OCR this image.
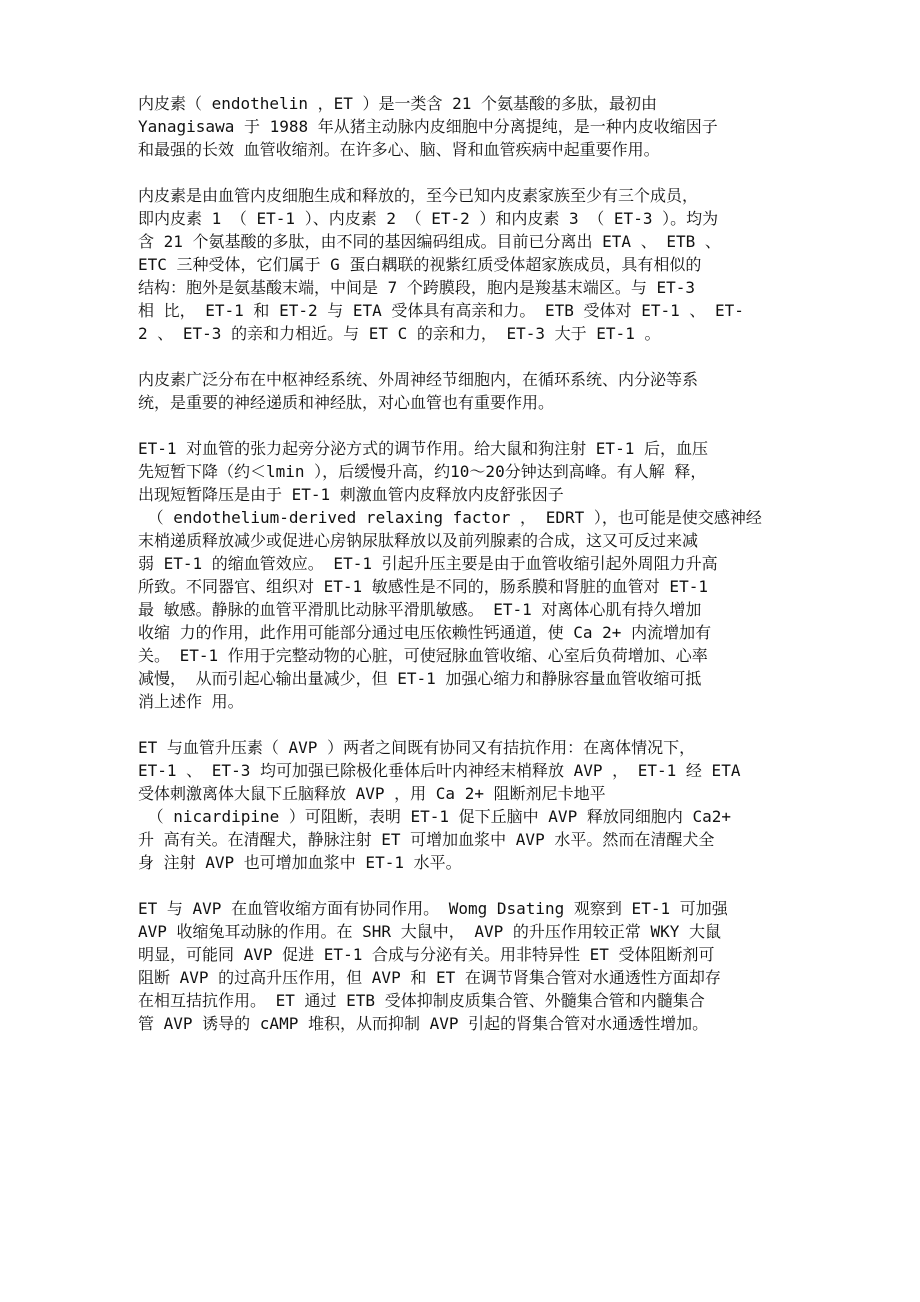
内皮素（ endothelin ，ET ）是一类含 21 个氨基酸的多肽，最初由
Yanagisawa 于 1988 年从猪主动脉内皮细胞中分离提纯，是一种内皮收缩因子
和最强的长效 血管收缩剂。在许多心、脑、肾和血管疾病中起重要作用。

内皮素是由血管内皮细胞生成和释放的，至今已知内皮素家族至少有三个成员，
即内皮素 1 （ ET-1 ）、内皮素 2 （ ET-2 ）和内皮素 3 （ ET-3 ）。均为
含 21 个氨基酸的多肽，由不同的基因编码组成。目前已分离出 ETA 、 ETB 、
ETC 三种受体，它们属于 G 蛋白耦联的视紫红质受体超家族成员，具有相似的
结构：胞外是氨基酸末端，中间是 7 个跨膜段，胞内是羧基末端区。与 ET-3
相 比， ET-1 和 ET-2 与 ETA 受体具有高亲和力。 ETB 受体对 ET-1 、 ET-
2 、 ET-3 的亲和力相近。与 ET C 的亲和力， ET-3 大于 ET-1 。

内皮素广泛分布在中枢神经系统、外周神经节细胞内，在循环系统、内分泌等系
统，是重要的神经递质和神经肽，对心血管也有重要作用。

ET-1 对血管的张力起旁分泌方式的调节作用。给大鼠和狗注射 ET-1 后，血压
先短暂下降（约＜lmin ），后缓慢升高，约10〜20分钟达到高峰。有人解 释，
出现短暂降压是由于 ET-1 刺激血管内皮释放内皮舒张因子
（ endothelium-derived relaxing factor ， EDRT ），也可能是使交感神经
末梢递质释放减少或促进心房钠尿肽释放以及前列腺素的合成，这又可反过来减
弱 ET-1 的缩血管效应。 ET-1 引起升压主要是由于血管收缩引起外周阻力升高
所致。不同器官、组织对 ET-1 敏感性是不同的，肠系膜和肾脏的血管对 ET-1
最 敏感。静脉的血管平滑肌比动脉平滑肌敏感。 ET-1 对离体心肌有持久增加
收缩 力的作用，此作用可能部分通过电压依赖性钙通道，使 Ca 2+ 内流增加有
关。 ET-1 作用于完整动物的心脏，可使冠脉血管收缩、心室后负荷增加、心率
减慢， 从而引起心输出量减少，但 ET-1 加强心缩力和静脉容量血管收缩可抵
消上述作 用。

ET 与血管升压素（ AVP ）两者之间既有协同又有拮抗作用：在离体情况下，
ET-1 、 ET-3 均可加强已除极化垂体后叶内神经末梢释放 AVP ， ET-1 经 ETA
受体刺激离体大鼠下丘脑释放 AVP ，用 Ca 2+ 阻断剂尼卡地平
（ nicardipine ）可阻断，表明 ET-1 促下丘脑中 AVP 释放同细胞内 Ca2+
升 高有关。在清醒犬，静脉注射 ET 可增加血浆中 AVP 水平。然而在清醒犬全
身 注射 AVP 也可增加血浆中 ET-1 水平。

ET 与 AVP 在血管收缩方面有协同作用。 Womg Dsating 观察到 ET-1 可加强
AVP 收缩兔耳动脉的作用。在 SHR 大鼠中， AVP 的升压作用较正常 WKY 大鼠
明显，可能同 AVP 促进 ET-1 合成与分泌有关。用非特异性 ET 受体阻断剂可
阻断 AVP 的过高升压作用，但 AVP 和 ET 在调节肾集合管对水通透性方面却存
在相互拮抗作用。 ET 通过 ETB 受体抑制皮质集合管、外髓集合管和内髓集合
管 AVP 诱导的 cAMP 堆积，从而抑制 AVP 引起的肾集合管对水通透性增加。
